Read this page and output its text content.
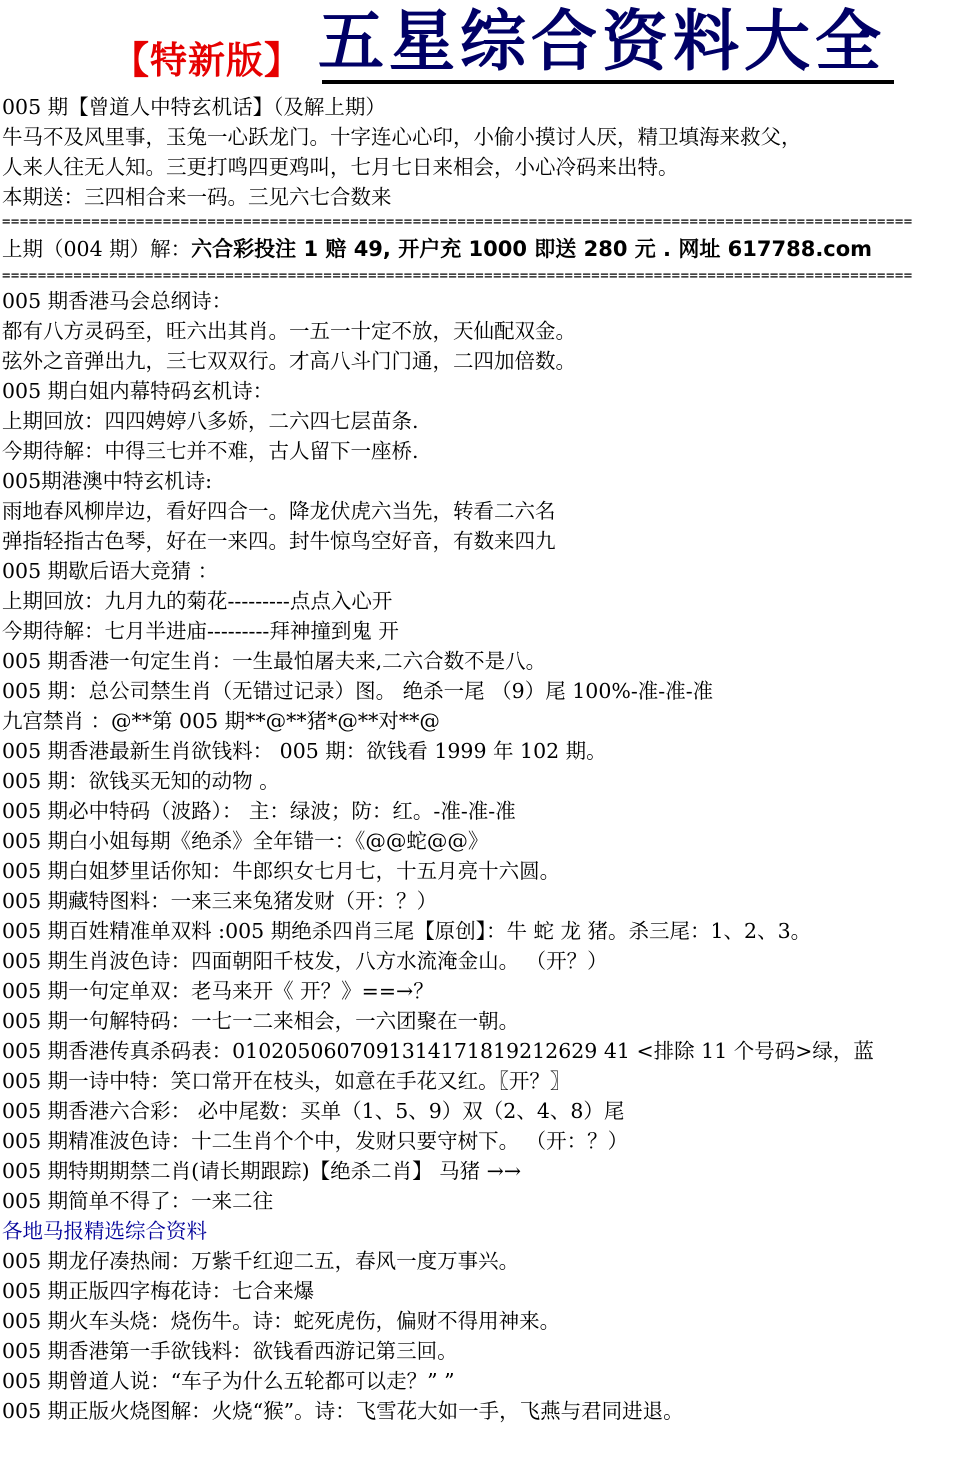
【特新版】 五星综合资料大全
005 期【曾道人中特玄机话】（及解上期）
牛马不及风里事，玉兔一心跃龙门。十字连心心印，小偷小摸讨人厌，精卫填海来救父，
人来人往无人知。三更打鸣四更鸡叫，七月七日来相会，小心冷码来出特。
本期送：三四相合来一码。三见六七合数来
======================================================================================================
上期（004 期）解：六合彩投注 1 赔 49, 开户充 1000 即送 280 元 . 网址 617788.com
======================================================================================================
005 期香港马会总纲诗：
都有八方灵码至，旺六出其肖。一五一十定不放，天仙配双金。
弦外之音弹出九，三七双双行。才高八斗门门通，二四加倍数。
005 期白姐内幕特码玄机诗：
上期回放：四四娉婷八多娇，二六四七层苗条.
今期待解：中得三七并不难，古人留下一座桥.
005期港澳中特玄机诗:
雨地春风柳岸边，看好四合一。降龙伏虎六当先，转看二六名
弹指轻指古色琴，好在一来四。封牛惊鸟空好音，有数来四九
005 期歇后语大竞猜 ：
上期回放：九月九的菊花---------点点入心开
今期待解：七月半进庙---------拜神撞到鬼 开
005 期香港一句定生肖：一生最怕屠夫来,二六合数不是八。
005 期：总公司禁生肖（无错过记录）图。 绝杀一尾 （9）尾 100%-准-准-准
九宫禁肖 ：@**第 005 期**@**猪*@**对**@
005 期香港最新生肖欲钱料： 005 期：欲钱看 1999 年 102 期。
005 期：欲钱买无知的动物 。
005 期必中特码（波路）： 主：绿波；防：红。-准-准-准
005 期白小姐每期《绝杀》全年错一：《@@蛇@@》
005 期白姐梦里话你知：牛郎织女七月七，十五月亮十六圆。
005 期藏特图料：一来三来兔猪发财（开：？）
005 期百姓精准单双料 :005 期绝杀四肖三尾【原创】：牛 蛇 龙 猪。杀三尾：1、2、3。
005 期生肖波色诗：四面朝阳千枝发，八方水流淹金山。 （开？）
005 期一句定单双：老马来开《 开？》==→？
005 期一句解特码：一七一二来相会，一六团聚在一朝。
005 期香港传真杀码表：0102050607091314171819212629 41 <排除 11 个号码>绿，蓝
005 期一诗中特：笑口常开在枝头，如意在手花又红。〖开？〗
005 期香港六合彩： 必中尾数：买单（1、5、9）双（2、4、8）尾
005 期精准波色诗：十二生肖个个中，发财只要守树下。 （开：？）
005 期特期期禁二肖(请长期跟踪)【绝杀二肖】 马猪 →→
005 期简单不得了：一来二往
各地马报精选综合资料
005 期龙仔凑热闹：万紫千红迎二五，春风一度万事兴。
005 期正版四字梅花诗：七合来爆
005 期火车头烧：烧伤牛。诗：蛇死虎伤，偏财不得用神来。
005 期香港第一手欲钱料：欲钱看西游记第三回。
005 期曾道人说：“车子为什么五轮都可以走？” ”
005 期正版火烧图解：火烧“猴”。诗：飞雪花大如一手，飞燕与君同进退。
